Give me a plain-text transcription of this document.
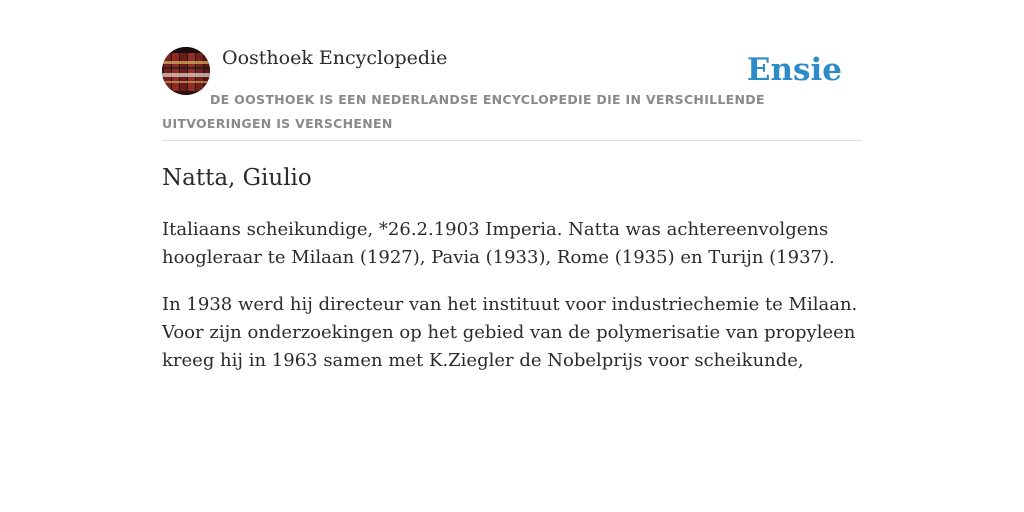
Oosthoek Encyclopedie	Ensie
DE OOSTHOEK IS EEN NEDERLANDSE ENCYCLOPEDIE DIE IN VERSCHILLENDE UITVOERINGEN IS VERSCHENEN
Natta, Giulio

Italiaans scheikundige, *26.2.1903 Imperia. Natta was achtereenvolgens hoogleraar te Milaan (1927), Pavia (1933), Rome (1935) en Turijn (1937).

In 1938 werd hij directeur van het instituut voor industriechemie te Milaan. Voor zijn onderzoekingen op het gebied van de polymerisatie van propyleen kreeg hij in 1963 samen met K.Ziegler de Nobelprijs voor scheikunde,
